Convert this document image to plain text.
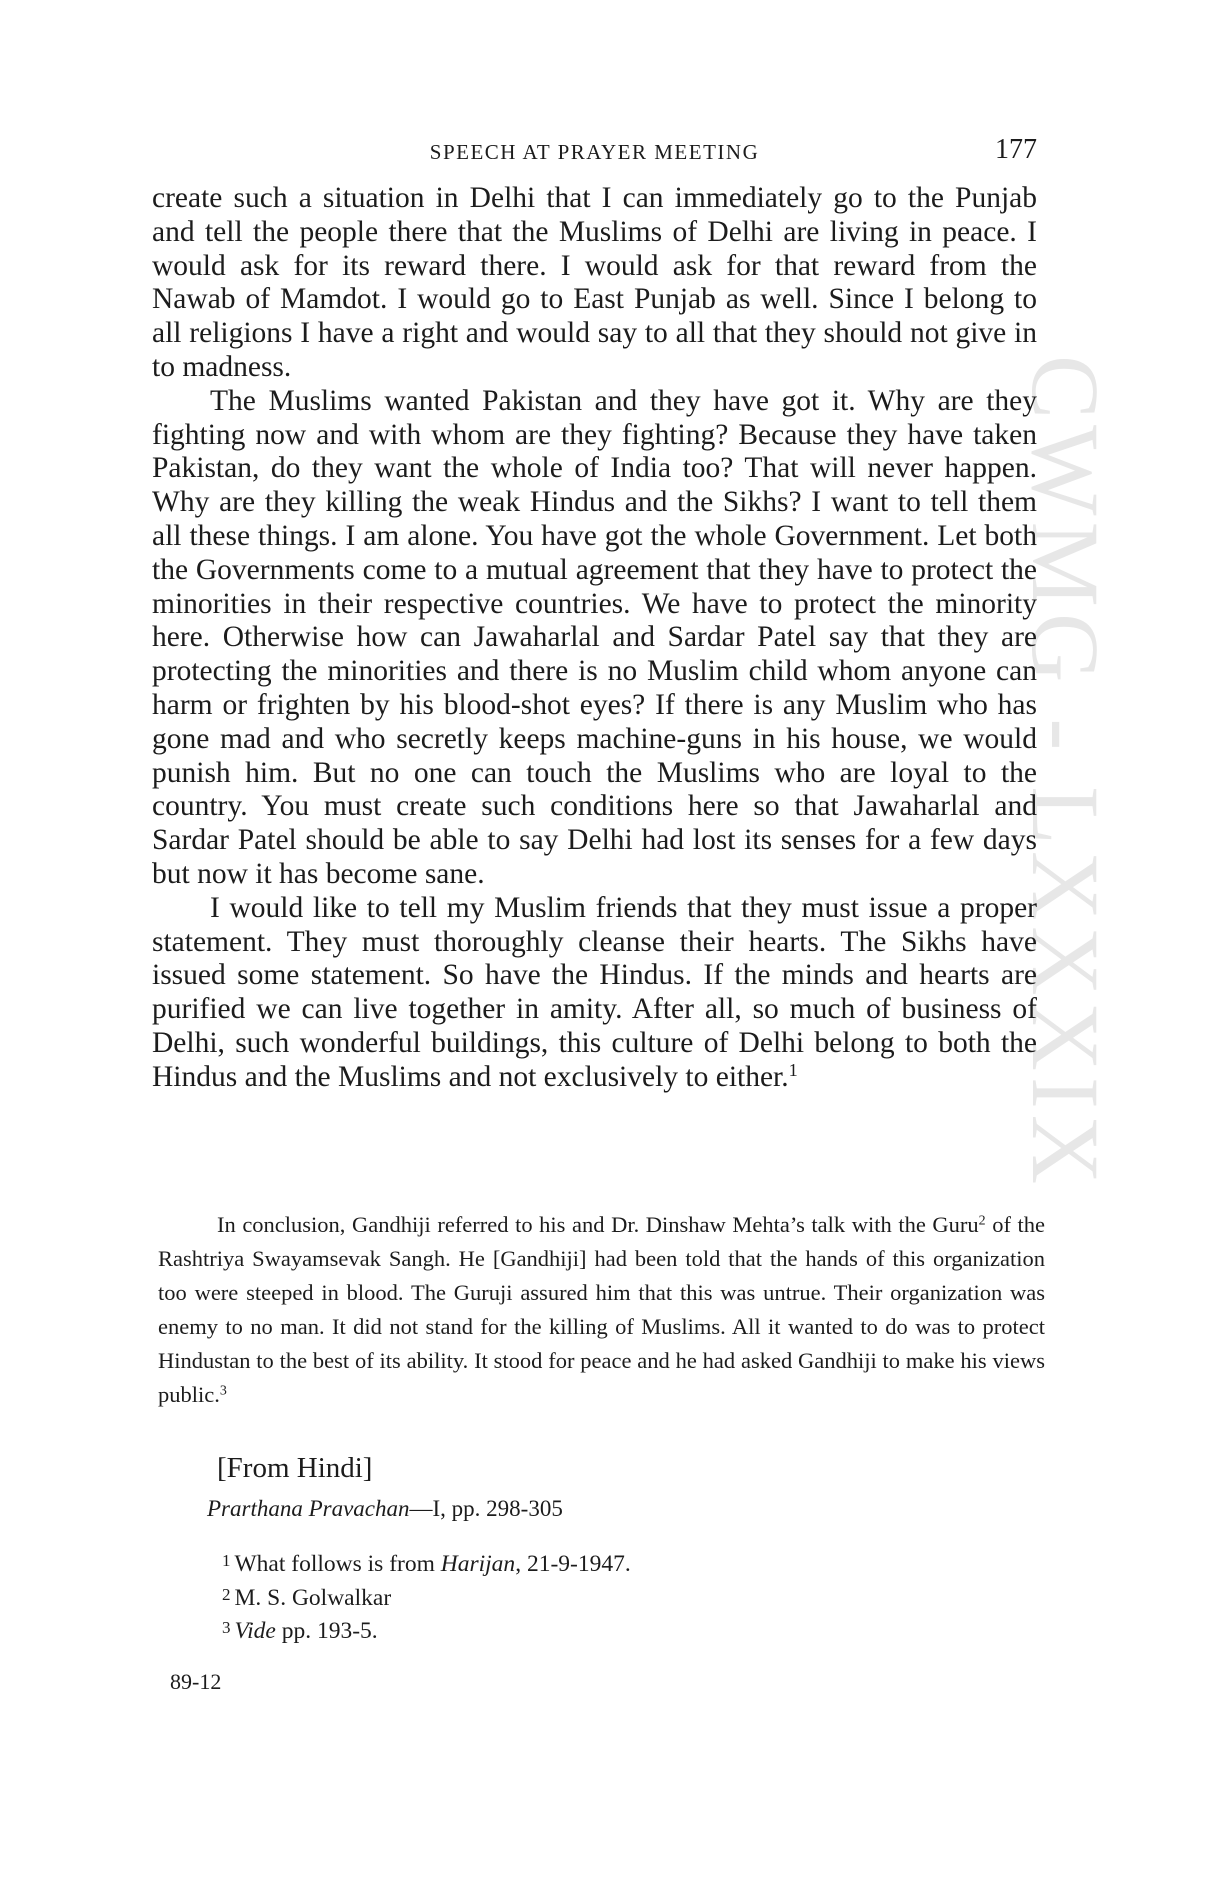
CWMG - LXXXIX
SPEECH AT PRAYER MEETING	177

create such a situation in Delhi that I can immediately go to the Punjab and tell the people there that the Muslims of Delhi are living in peace. I would ask for its reward there. I would ask for that reward from the Nawab of Mamdot. I would go to East Punjab as well. Since I belong to all religions I have a right and would say to all that they should not give in to madness.

The Muslims wanted Pakistan and they have got it. Why are they fighting now and with whom are they fighting? Because they have taken Pakistan, do they want the whole of India too? That will never happen. Why are they killing the weak Hindus and the Sikhs? I want to tell them all these things. I am alone. You have got the whole Government. Let both the Governments come to a mutual agreement that they have to protect the minorities in their respective countries. We have to protect the minority here. Otherwise how can Jawaharlal and Sardar Patel say that they are protecting the minorities and there is no Muslim child whom anyone can harm or frighten by his blood-shot eyes? If there is any Muslim who has gone mad and who secretly keeps machine-guns in his house, we would punish him. But no one can touch the Muslims who are loyal to the country. You must create such conditions here so that Jawaharlal and Sardar Patel should be able to say Delhi had lost its senses for a few days but now it has become sane.

I would like to tell my Muslim friends that they must issue a proper statement. They must thoroughly cleanse their hearts. The Sikhs have issued some statement. So have the Hindus. If the minds and hearts are purified we can live together in amity. After all, so much of business of Delhi, such wonderful buildings, this culture of Delhi belong to both the Hindus and the Muslims and not exclusively to either.$^1$

In conclusion, Gandhiji referred to his and Dr. Dinshaw Mehta’s talk with the Guru$^2$ of the Rashtriya Swayamsevak Sangh. He [Gandhiji] had been told that the hands of this organization too were steeped in blood. The Guruji assured him that this was untrue. Their organization was enemy to no man. It did not stand for the killing of Muslims. All it wanted to do was to protect Hindustan to the best of its ability. It stood for peace and he had asked Gandhiji to make his views public.$^3$

[From Hindi]
Prarthana Pravachan—I, pp. 298-305
$^1$ What follows is from Harijan, 21-9-1947.
$^2$ M. S. Golwalkar
$^3$ Vide pp. 193-5.
89-12
